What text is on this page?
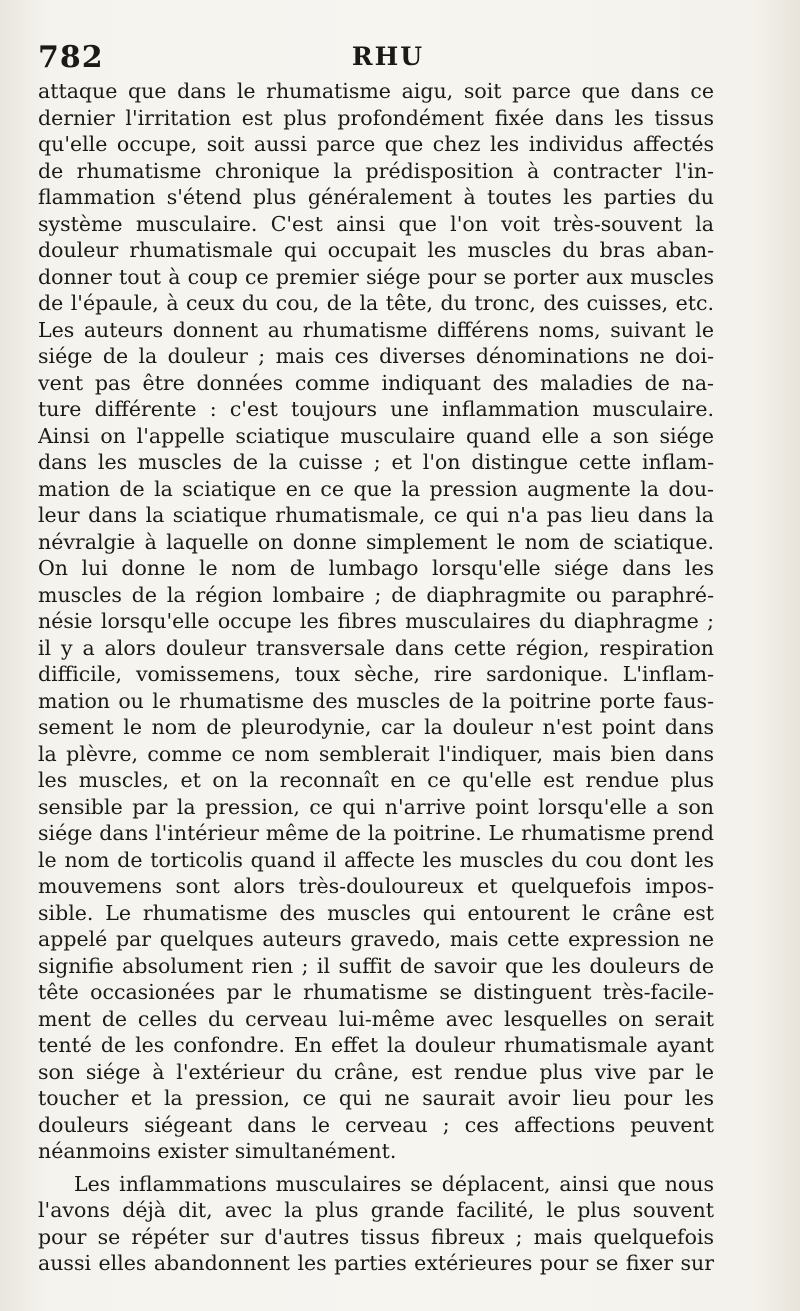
782	RHU
attaque que dans le rhumatisme aigu, soit parce que dans ce
dernier l'irritation est plus profondément fixée dans les tissus
qu'elle occupe, soit aussi parce que chez les individus affectés
de rhumatisme chronique la prédisposition à contracter l'in-
flammation s'étend plus généralement à toutes les parties du
système musculaire. C'est ainsi que l'on voit très-souvent la
douleur rhumatismale qui occupait les muscles du bras aban-
donner tout à coup ce premier siége pour se porter aux muscles
de l'épaule, à ceux du cou, de la tête, du tronc, des cuisses, etc.
Les auteurs donnent au rhumatisme différens noms, suivant le
siége de la douleur ; mais ces diverses dénominations ne doi-
vent pas être données comme indiquant des maladies de na-
ture différente : c'est toujours une inflammation musculaire.
Ainsi on l'appelle sciatique musculaire quand elle a son siége
dans les muscles de la cuisse ; et l'on distingue cette inflam-
mation de la sciatique en ce que la pression augmente la dou-
leur dans la sciatique rhumatismale, ce qui n'a pas lieu dans la
névralgie à laquelle on donne simplement le nom de sciatique.
On lui donne le nom de lumbago lorsqu'elle siége dans les
muscles de la région lombaire ; de diaphragmite ou paraphré-
nésie lorsqu'elle occupe les fibres musculaires du diaphragme ;
il y a alors douleur transversale dans cette région, respiration
difficile, vomissemens, toux sèche, rire sardonique. L'inflam-
mation ou le rhumatisme des muscles de la poitrine porte faus-
sement le nom de pleurodynie, car la douleur n'est point dans
la plèvre, comme ce nom semblerait l'indiquer, mais bien dans
les muscles, et on la reconnaît en ce qu'elle est rendue plus
sensible par la pression, ce qui n'arrive point lorsqu'elle a son
siége dans l'intérieur même de la poitrine. Le rhumatisme prend
le nom de torticolis quand il affecte les muscles du cou dont les
mouvemens sont alors très-douloureux et quelquefois impos-
sible. Le rhumatisme des muscles qui entourent le crâne est
appelé par quelques auteurs gravedo, mais cette expression ne
signifie absolument rien ; il suffit de savoir que les douleurs de
tête occasionées par le rhumatisme se distinguent très-facile-
ment de celles du cerveau lui-même avec lesquelles on serait
tenté de les confondre. En effet la douleur rhumatismale ayant
son siége à l'extérieur du crâne, est rendue plus vive par le
toucher et la pression, ce qui ne saurait avoir lieu pour les
douleurs siégeant dans le cerveau ; ces affections peuvent
néanmoins exister simultanément.
Les inflammations musculaires se déplacent, ainsi que nous
l'avons déjà dit, avec la plus grande facilité, le plus souvent
pour se répéter sur d'autres tissus fibreux ; mais quelquefois
aussi elles abandonnent les parties extérieures pour se fixer sur
